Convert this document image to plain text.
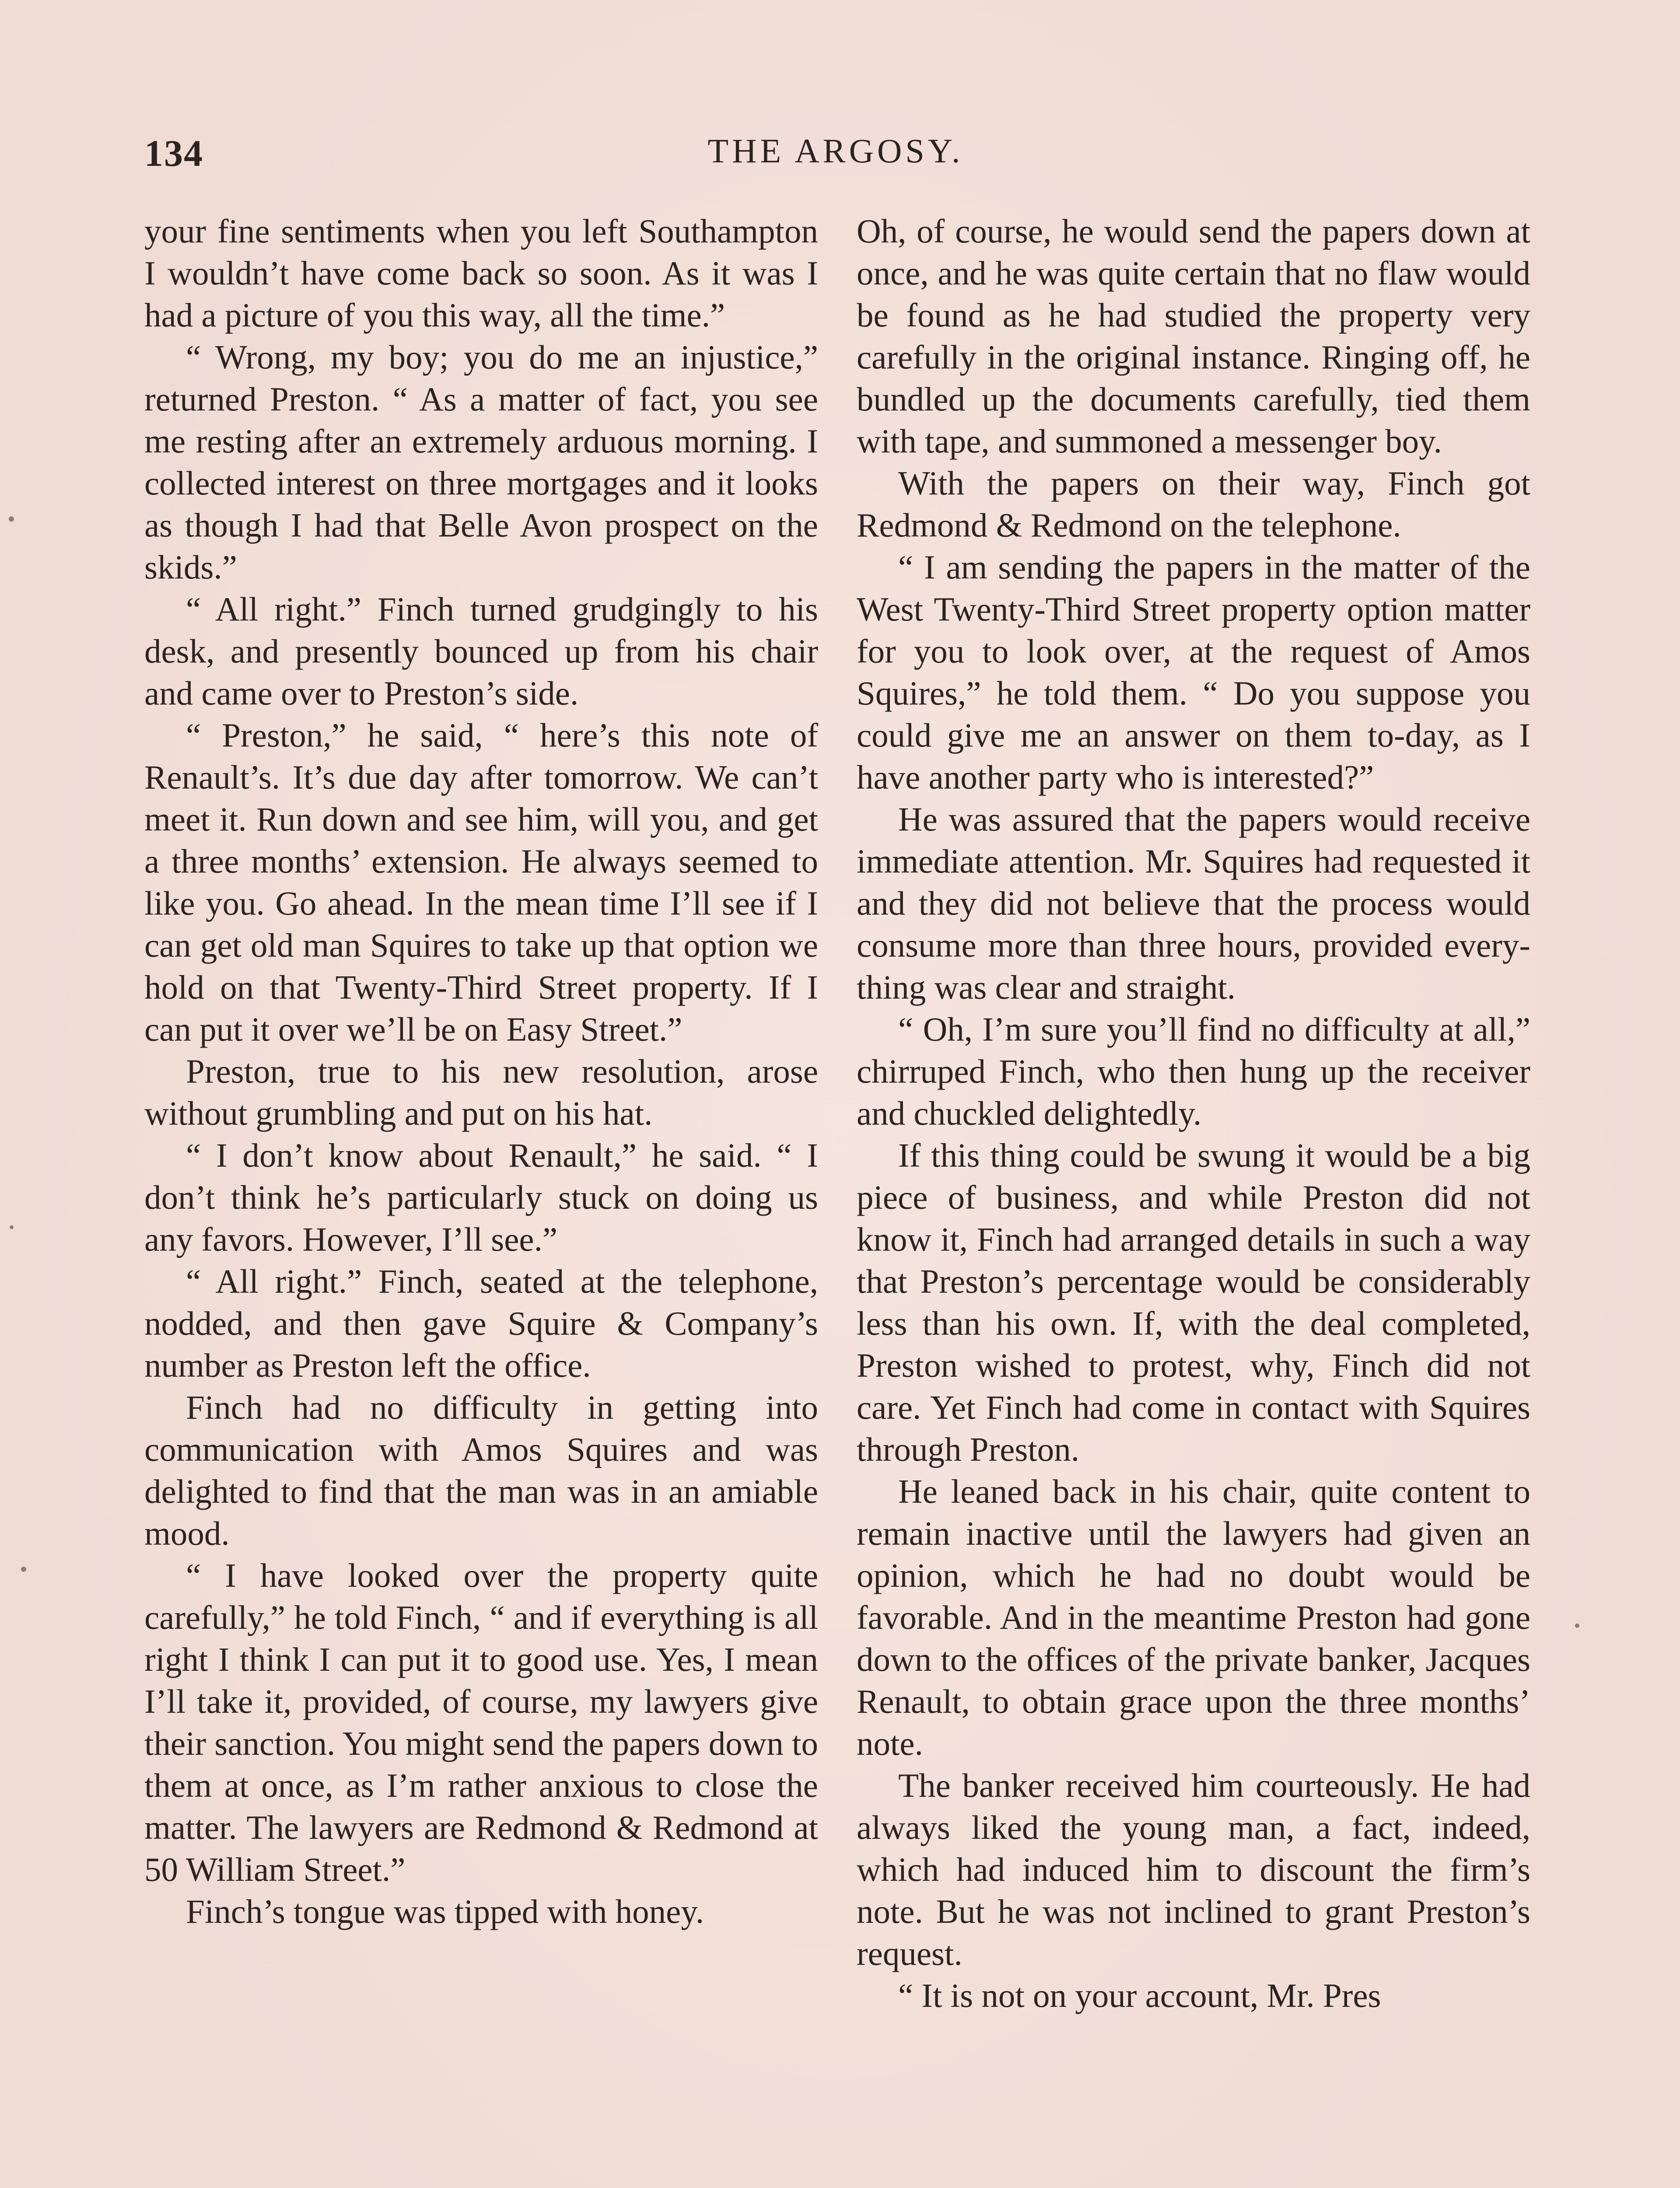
134	THE ARGOSY.

your fine sentiments when you left Southampton I wouldn’t have come back so soon. As it was I had a picture of you this way, all the time.”

“ Wrong, my boy; you do me an injustice,” returned Preston. “ As a matter of fact, you see me resting after an extremely arduous morning. I collected interest on three mortgages and it looks as though I had that Belle Avon prospect on the skids.”

“ All right.” Finch turned grudgingly to his desk, and presently bounced up from his chair and came over to Preston’s side.

“ Preston,” he said, “ here’s this note of Renault’s. It’s due day after tomorrow. We can’t meet it. Run down and see him, will you, and get a three months’ extension. He always seemed to like you. Go ahead. In the mean time I’ll see if I can get old man Squires to take up that option we hold on that Twenty-Third Street property. If I can put it over we’ll be on Easy Street.”

Preston, true to his new resolution, arose without grumbling and put on his hat.

“ I don’t know about Renault,” he said. “ I don’t think he’s particularly stuck on doing us any favors. However, I’ll see.”

“ All right.” Finch, seated at the telephone, nodded, and then gave Squire & Company’s number as Preston left the office.

Finch had no difficulty in getting into communication with Amos Squires and was delighted to find that the man was in an amiable mood.

“ I have looked over the property quite carefully,” he told Finch, “ and if everything is all right I think I can put it to good use. Yes, I mean I’ll take it, provided, of course, my lawyers give their sanction. You might send the papers down to them at once, as I’m rather anxious to close the matter. The lawyers are Redmond & Redmond at 50 William Street.”

Finch’s tongue was tipped with honey.

Oh, of course, he would send the papers down at once, and he was quite certain that no flaw would be found as he had studied the property very carefully in the original instance. Ringing off, he bundled up the documents carefully, tied them with tape, and summoned a messenger boy.

With the papers on their way, Finch got Redmond & Redmond on the telephone.

“ I am sending the papers in the matter of the West Twenty-Third Street property option matter for you to look over, at the request of Amos Squires,” he told them. “ Do you suppose you could give me an answer on them to-day, as I have another party who is interested?”

He was assured that the papers would receive immediate attention. Mr. Squires had requested it and they did not believe that the process would consume more than three hours, provided everything was clear and straight.

“ Oh, I’m sure you’ll find no difficulty at all,” chirruped Finch, who then hung up the receiver and chuckled delightedly.

If this thing could be swung it would be a big piece of business, and while Preston did not know it, Finch had arranged details in such a way that Preston’s percentage would be considerably less than his own. If, with the deal completed, Preston wished to protest, why, Finch did not care. Yet Finch had come in contact with Squires through Preston.

He leaned back in his chair, quite content to remain inactive until the lawyers had given an opinion, which he had no doubt would be favorable. And in the meantime Preston had gone down to the offices of the private banker, Jacques Renault, to obtain grace upon the three months’ note.

The banker received him courteously. He had always liked the young man, a fact, indeed, which had induced him to discount the firm’s note. But he was not inclined to grant Preston’s request.

“ It is not on your account, Mr. Pres
